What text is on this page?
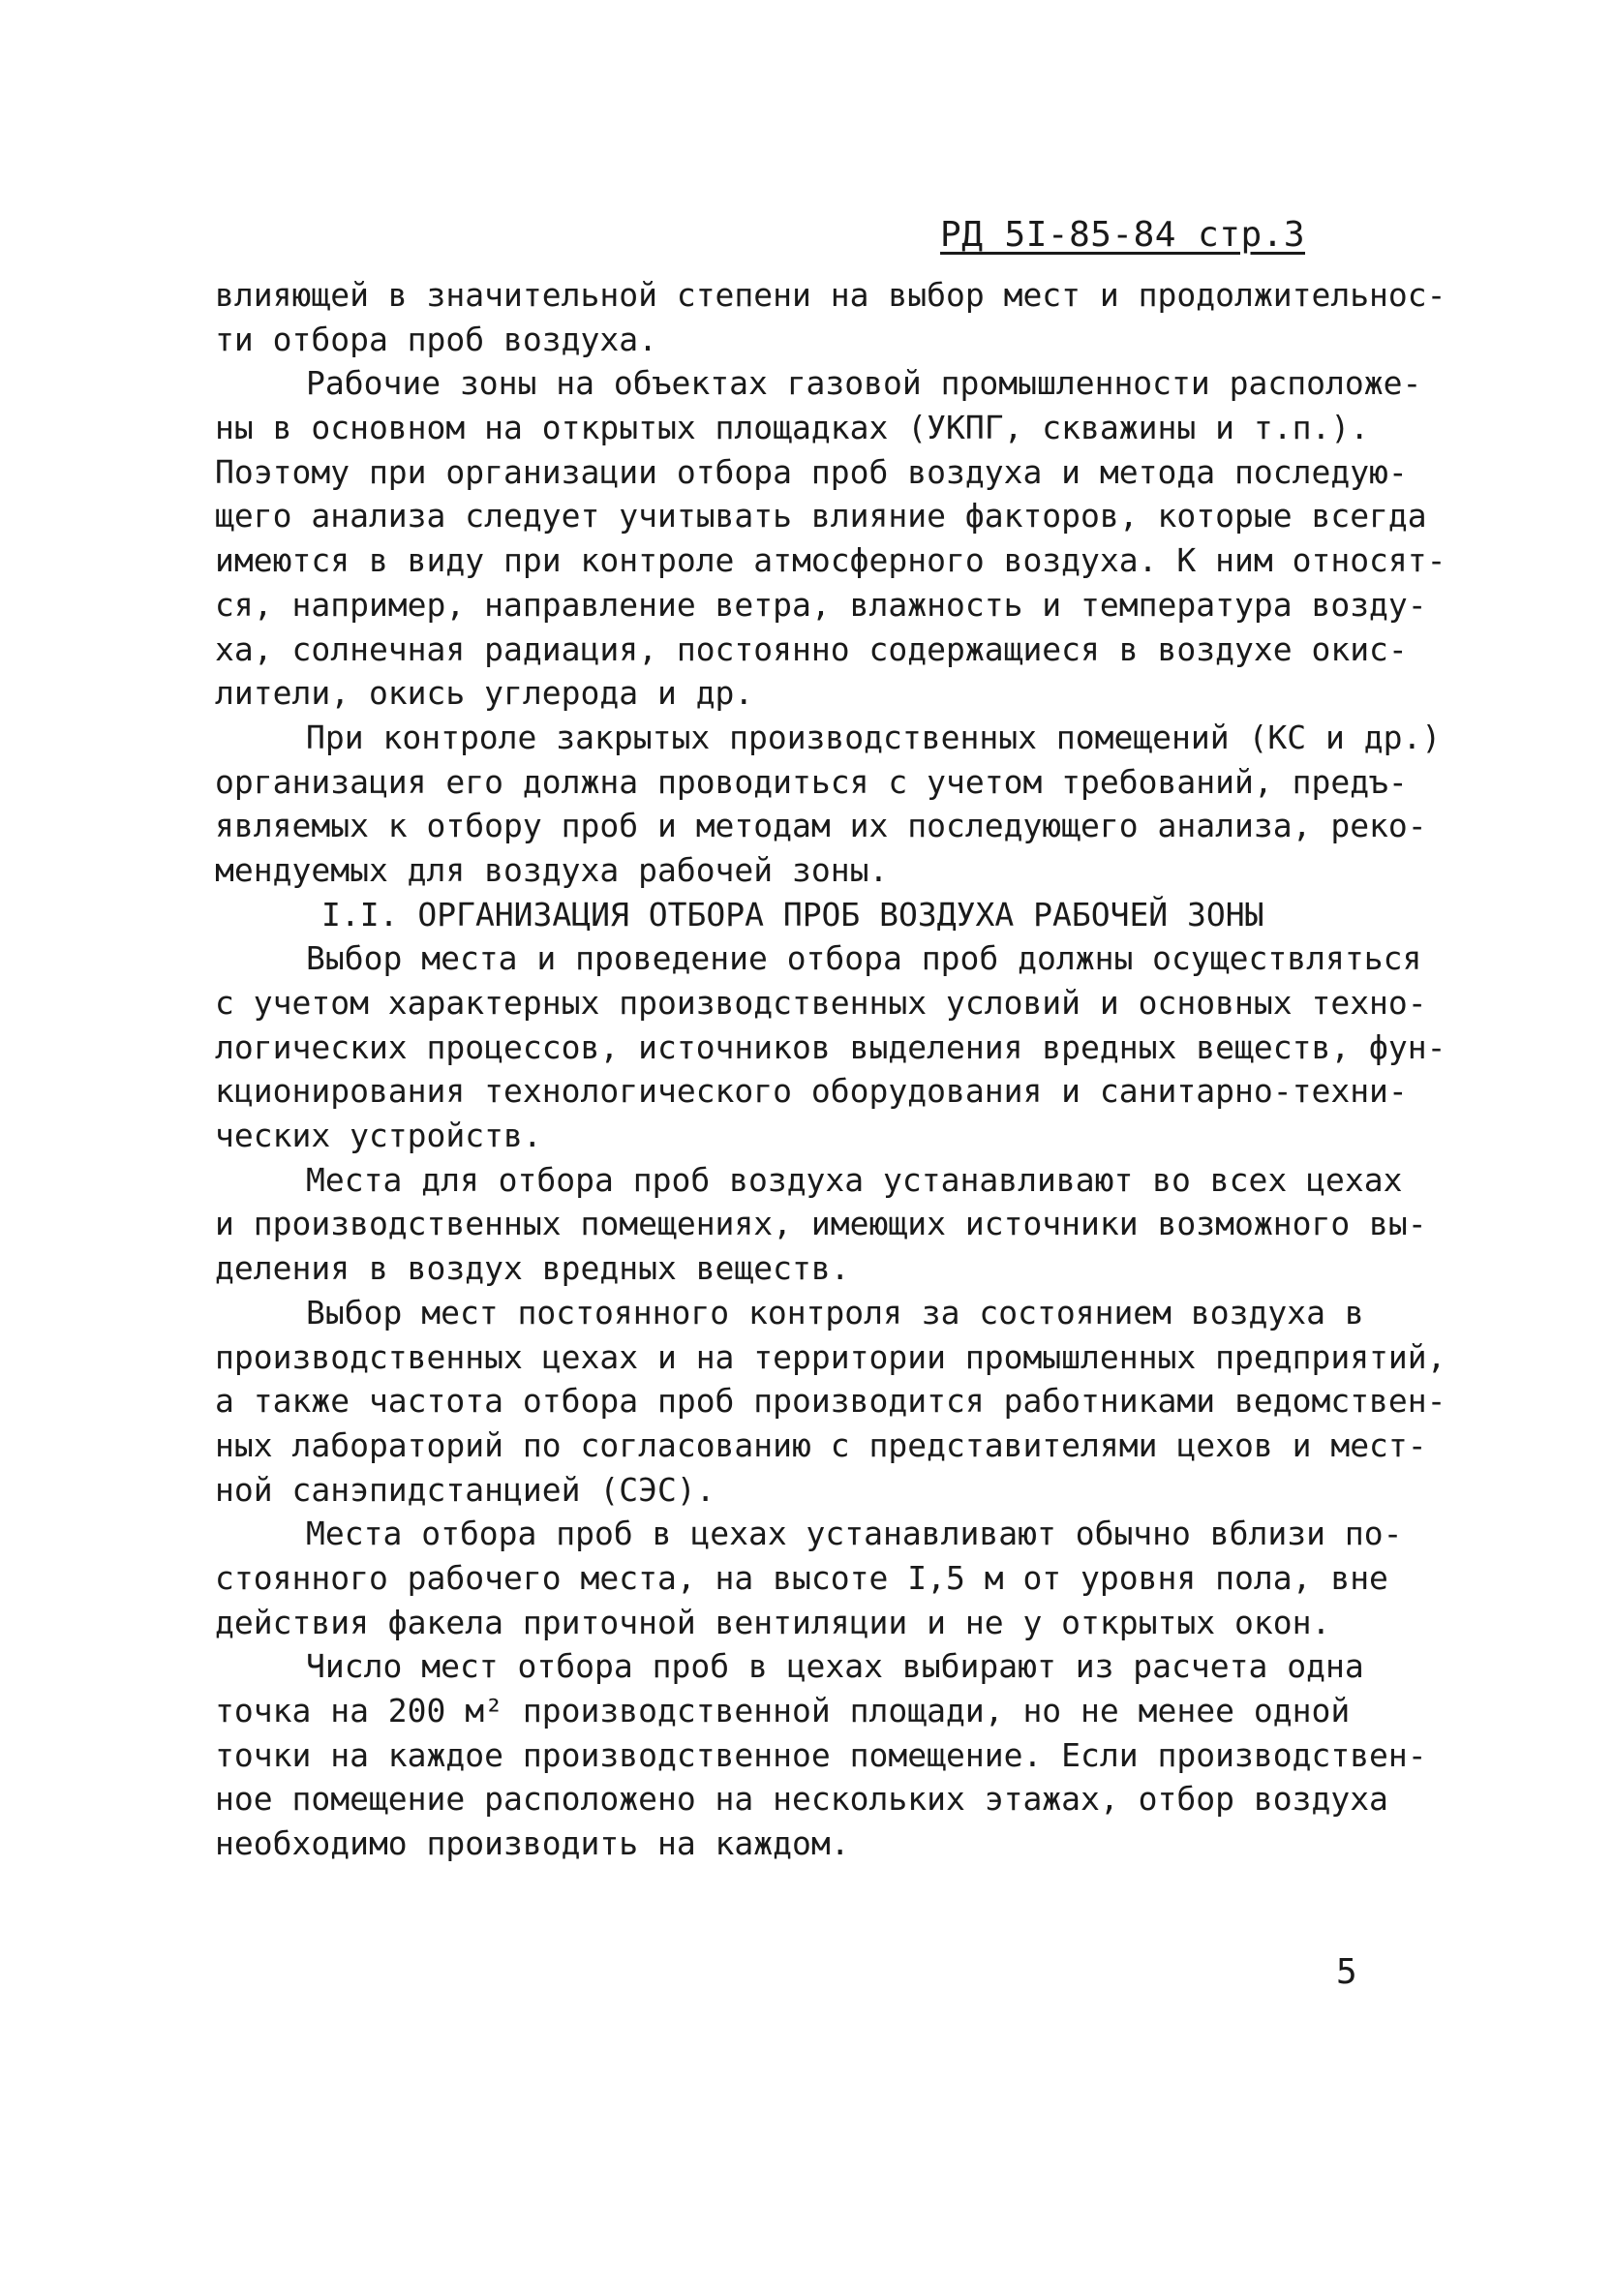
РД 5I-85-84 стр.3
влияющей в значительной степени на выбор мест и продолжительнос-
ти отбора проб воздуха.
Рабочие зоны на объектах газовой промышленности расположе-
ны в основном на открытых площадках (УКПГ, скважины и т.п.).
Поэтому при организации отбора проб воздуха и метода последую-
щего анализа следует учитывать влияние факторов, которые всегда
имеются в виду при контроле атмосферного воздуха. К ним относят-
ся, например, направление ветра, влажность и температура возду-
ха, солнечная радиация, постоянно содержащиеся в воздухе окис-
лители, окись углерода и др.
При контроле закрытых производственных помещений (КС и др.)
организация его должна проводиться с учетом требований, предъ-
являемых к отбору проб и методам их последующего анализа, реко-
мендуемых для воздуха рабочей зоны.
I.I. ОРГАНИЗАЦИЯ ОТБОРА ПРОБ ВОЗДУХА РАБОЧЕЙ ЗОНЫ
Выбор места и проведение отбора проб должны осуществляться
с учетом характерных производственных условий и основных техно-
логических процессов, источников выделения вредных веществ, фун-
кционирования технологического оборудования и санитарно-техни-
ческих устройств.
Места для отбора проб воздуха устанавливают во всех цехах
и производственных помещениях, имеющих источники возможного вы-
деления в воздух вредных веществ.
Выбор мест постоянного контроля за состоянием воздуха в
производственных цехах и на территории промышленных предприятий,
а также частота отбора проб производится работниками ведомствен-
ных лабораторий по согласованию с представителями цехов и мест-
ной санэпидстанцией (СЭС).
Места отбора проб в цехах устанавливают обычно вблизи по-
стоянного рабочего места, на высоте I,5 м от уровня пола, вне
действия факела приточной вентиляции и не у открытых окон.
Число мест отбора проб в цехах выбирают из расчета одна
точка на 200 м² производственной площади, но не менее одной
точки на каждое производственное помещение. Если производствен-
ное помещение расположено на нескольких этажах, отбор воздуха
необходимо производить на каждом.
5
